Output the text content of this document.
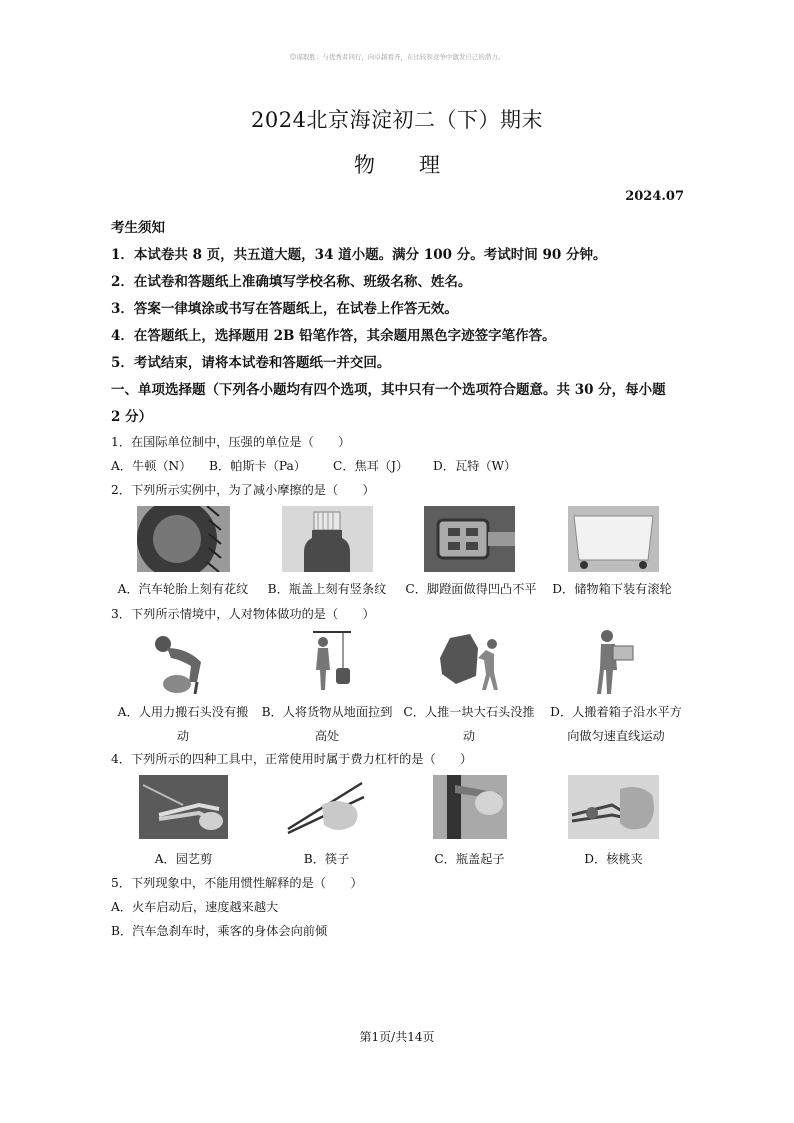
☺谋取胜：与优秀者同行，向卓越看齐，在比较和竞争中激发自己的潜力。
2024北京海淀初二（下）期末
物 理
2024.07
考生须知
1．本试卷共 8 页，共五道大题，34 道小题。满分 100 分。考试时间 90 分钟。
2．在试卷和答题纸上准确填写学校名称、班级名称、姓名。
3．答案一律填涂或书写在答题纸上，在试卷上作答无效。
4．在答题纸上，选择题用 2B 铅笔作答，其余题用黑色字迹签字笔作答。
5．考试结束，请将本试卷和答题纸一并交回。
一、单项选择题（下列各小题均有四个选项，其中只有一个选项符合题意。共 30 分，每小题
2 分）
1．在国际单位制中，压强的单位是（　　）
A．牛顿（N） B．帕斯卡（Pa） C．焦耳（J） D．瓦特（W）
2．下列所示实例中，为了减小摩擦的是（　　）
A．汽车轮胎上刻有花纹	B．瓶盖上刻有竖条纹	C．脚蹬面做得凹凸不平	D．储物箱下装有滚轮
3．下列所示情境中，人对物体做功的是（　　）
A．人用力搬石头没有搬
动
B．人将货物从地面拉到
高处
C．人推一块大石头没推
动
D．人搬着箱子沿水平方
向做匀速直线运动
4．下列所示的四种工具中，正常使用时属于费力杠杆的是（　　）
A．园艺剪	B．筷子	C．瓶盖起子	D．核桃夹
5．下列现象中，不能用惯性解释的是（　　）
A．火车启动后，速度越来越大
B．汽车急刹车时，乘客的身体会向前倾
第1页/共14页
